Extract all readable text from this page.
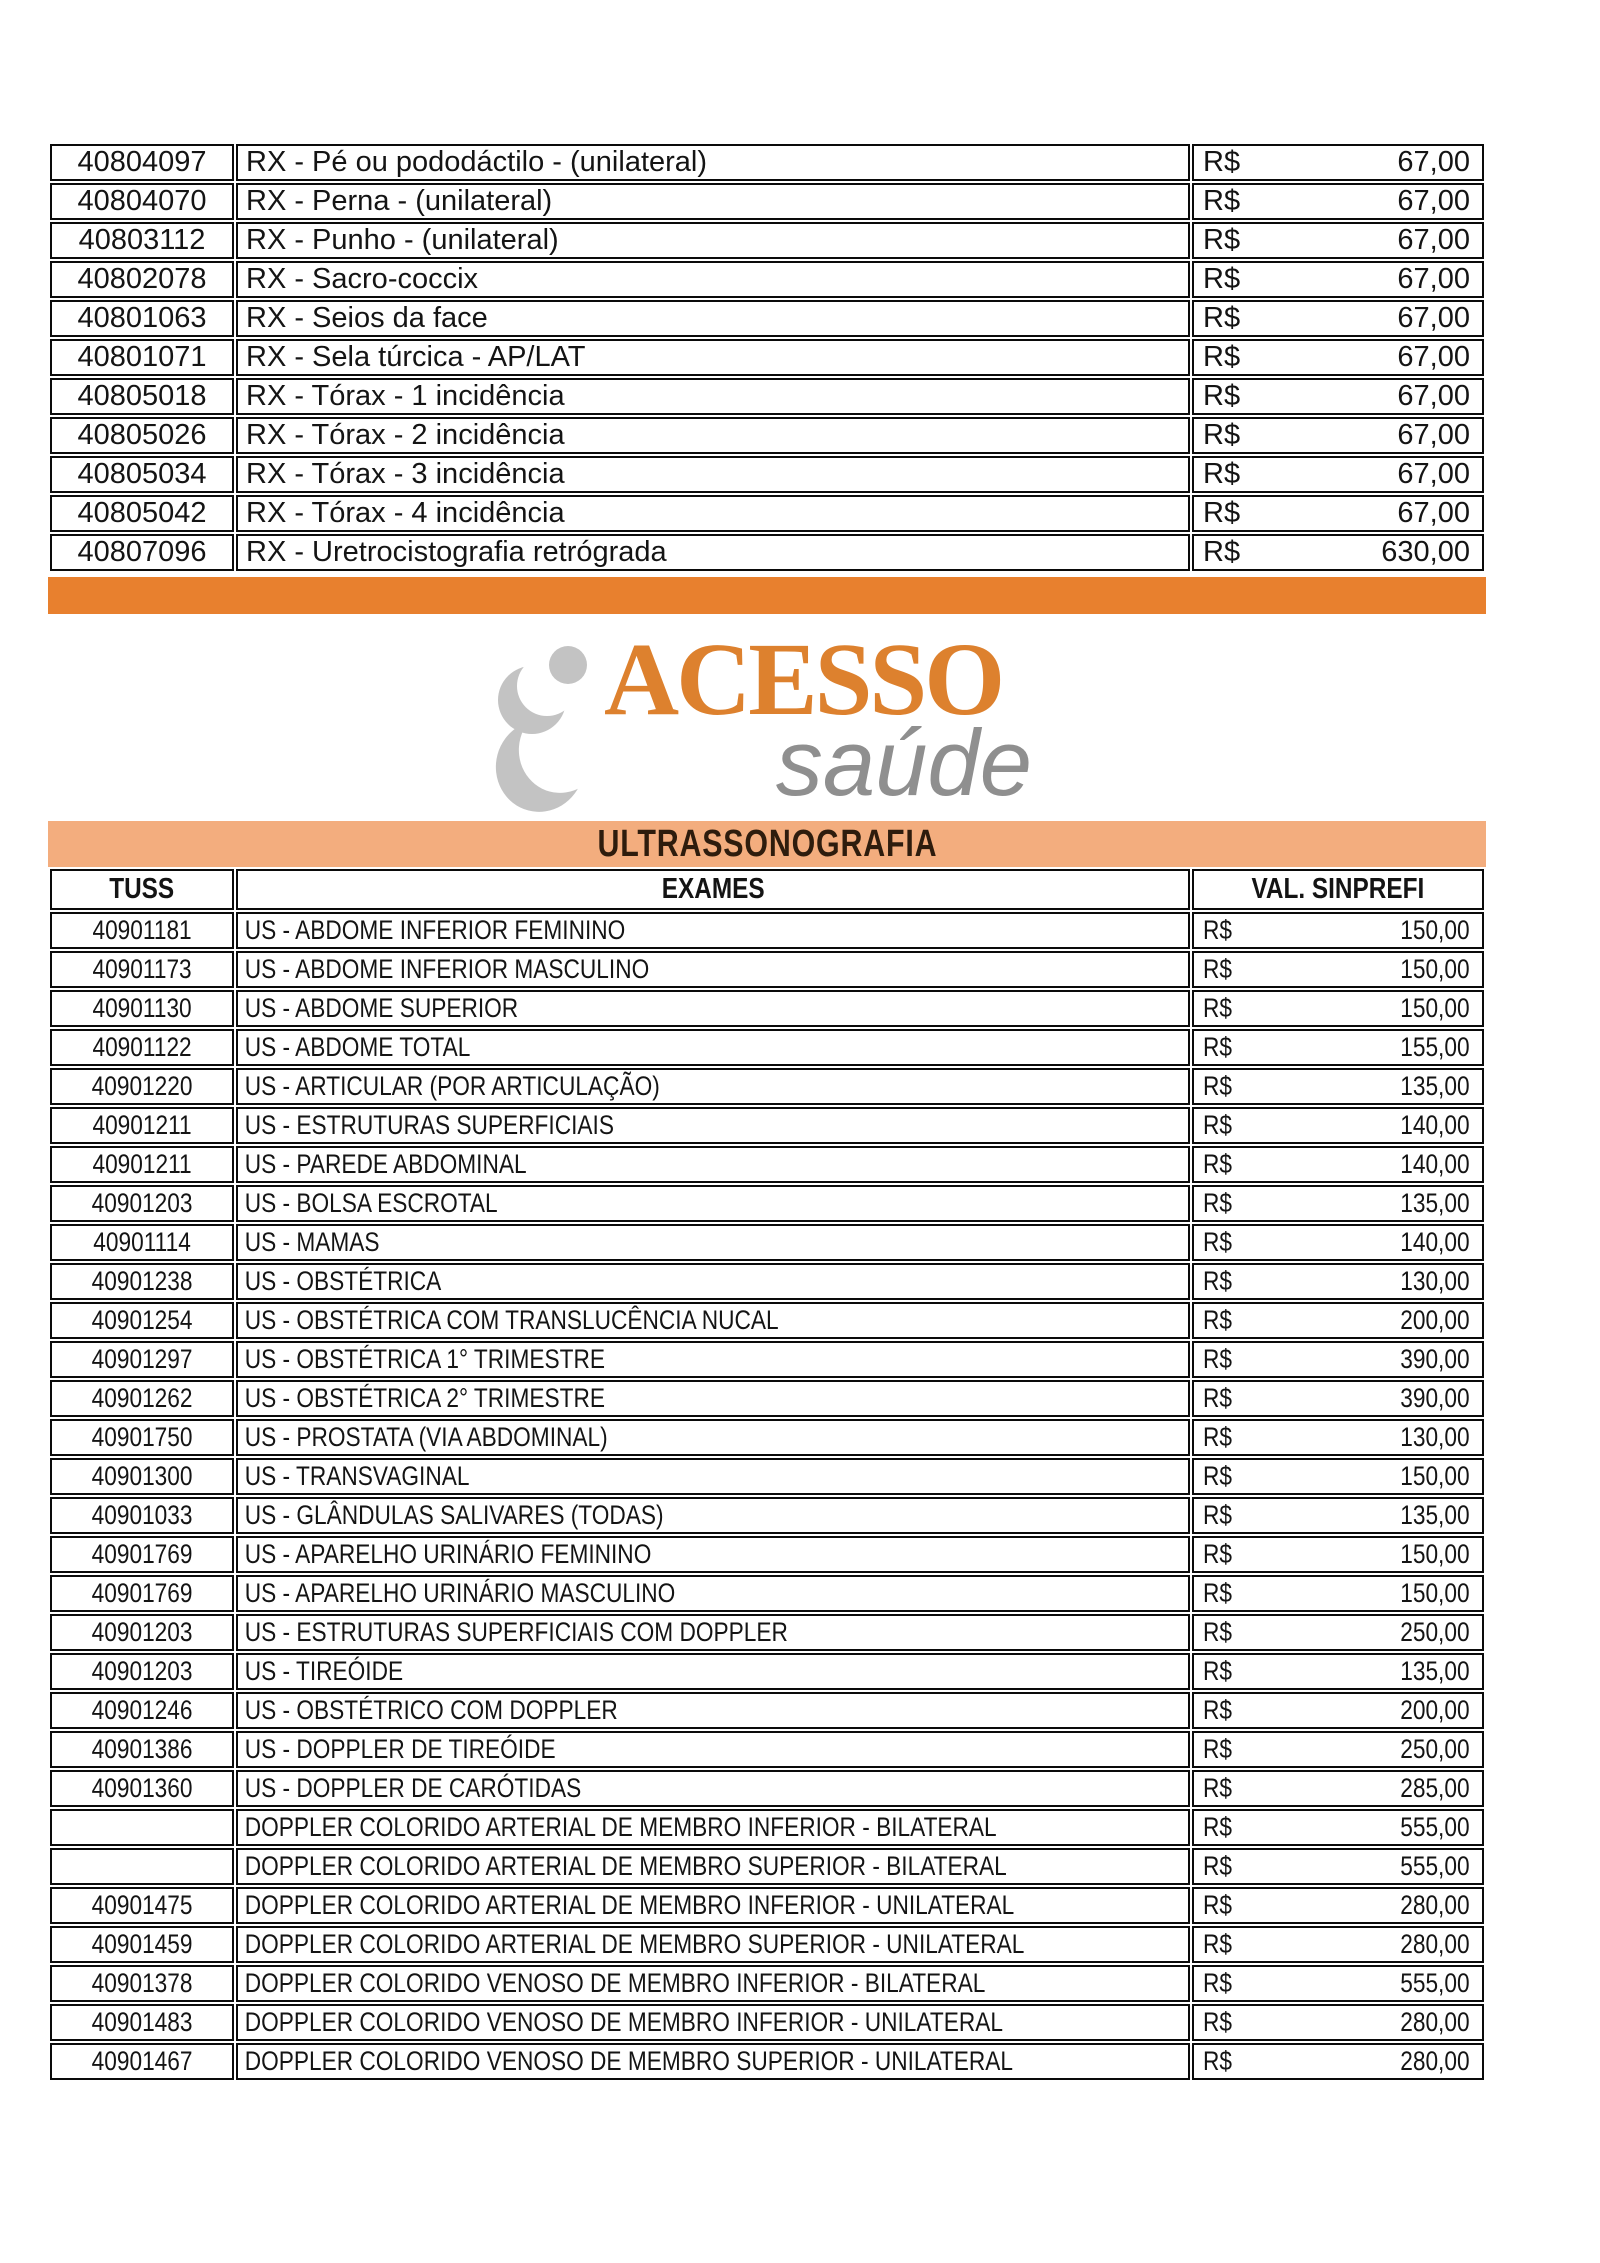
40804097	RX - Pé ou pododáctilo - (unilateral)	R$ 67,00

40804070	RX - Perna - (unilateral)	R$ 67,00

40803112	RX - Punho - (unilateral)	R$ 67,00

40802078	RX - Sacro-coccix	R$ 67,00

40801063	RX - Seios da face	R$ 67,00

40801071	RX - Sela túrcica - AP/LAT	R$ 67,00

40805018	RX - Tórax - 1 incidência	R$ 67,00

40805026	RX - Tórax - 2 incidência	R$ 67,00

40805034	RX - Tórax - 3 incidência	R$ 67,00

40805042	RX - Tórax - 4 incidência	R$ 67,00

40807096	RX - Uretrocistografia retrógrada	R$ 630,00
ACESSO
saúde
ULTRASSONOGRAFIA
TUSS	EXAMES	VAL. SINPREFI
40901181	US - ABDOME INFERIOR FEMININO	R$ 150,00

40901173	US - ABDOME INFERIOR MASCULINO	R$ 150,00

40901130	US - ABDOME SUPERIOR	R$ 150,00

40901122	US - ABDOME TOTAL	R$ 155,00

40901220	US - ARTICULAR (POR ARTICULAÇÃO)	R$ 135,00

40901211	US - ESTRUTURAS SUPERFICIAIS	R$ 140,00

40901211	US - PAREDE ABDOMINAL	R$ 140,00

40901203	US - BOLSA ESCROTAL	R$ 135,00

40901114	US - MAMAS	R$ 140,00

40901238	US - OBSTÉTRICA	R$ 130,00

40901254	US - OBSTÉTRICA COM TRANSLUCÊNCIA NUCAL	R$ 200,00

40901297	US - OBSTÉTRICA 1° TRIMESTRE	R$ 390,00

40901262	US - OBSTÉTRICA 2° TRIMESTRE	R$ 390,00

40901750	US - PROSTATA (VIA ABDOMINAL)	R$ 130,00

40901300	US - TRANSVAGINAL	R$ 150,00

40901033	US - GLÂNDULAS SALIVARES (TODAS)	R$ 135,00

40901769	US - APARELHO URINÁRIO FEMININO	R$ 150,00

40901769	US - APARELHO URINÁRIO MASCULINO	R$ 150,00

40901203	US - ESTRUTURAS SUPERFICIAIS COM DOPPLER	R$ 250,00

40901203	US - TIREÓIDE	R$ 135,00

40901246	US - OBSTÉTRICO COM DOPPLER	R$ 200,00

40901386	US - DOPPLER DE TIREÓIDE	R$ 250,00

40901360	US - DOPPLER DE CARÓTIDAS	R$ 285,00

	DOPPLER COLORIDO ARTERIAL DE MEMBRO INFERIOR - BILATERAL	R$ 555,00

	DOPPLER COLORIDO ARTERIAL DE MEMBRO SUPERIOR - BILATERAL	R$ 555,00

40901475	DOPPLER COLORIDO ARTERIAL DE MEMBRO INFERIOR - UNILATERAL	R$ 280,00

40901459	DOPPLER COLORIDO ARTERIAL DE MEMBRO SUPERIOR - UNILATERAL	R$ 280,00

40901378	DOPPLER COLORIDO VENOSO DE MEMBRO INFERIOR - BILATERAL	R$ 555,00

40901483	DOPPLER COLORIDO VENOSO DE MEMBRO INFERIOR - UNILATERAL	R$ 280,00

40901467	DOPPLER COLORIDO VENOSO DE MEMBRO SUPERIOR - UNILATERAL	R$ 280,00
